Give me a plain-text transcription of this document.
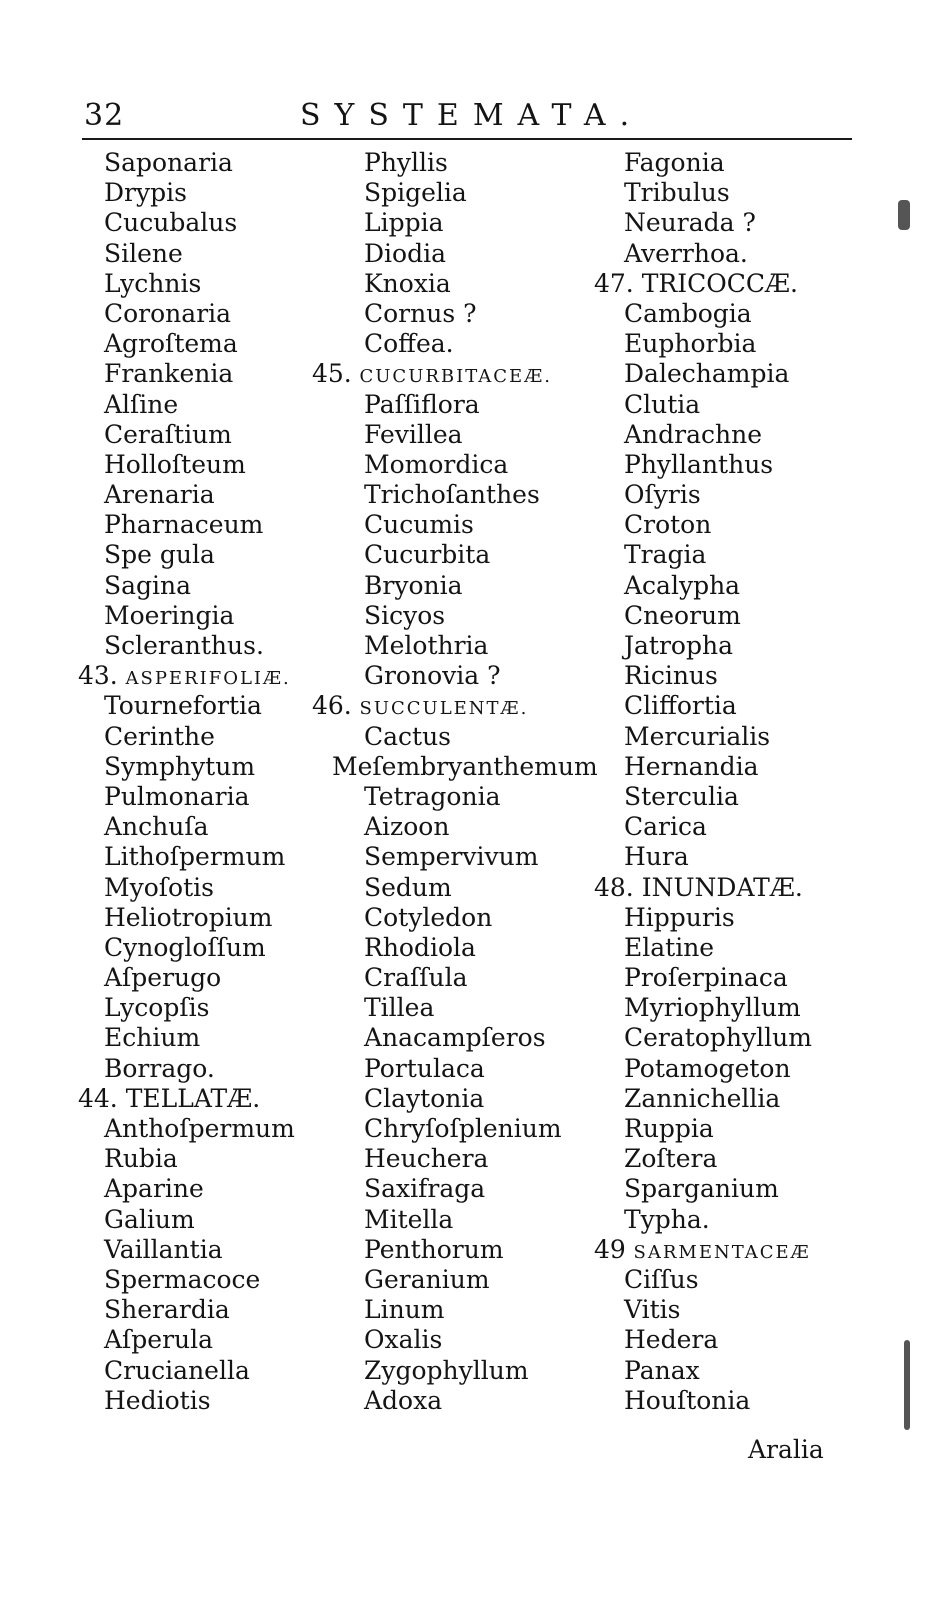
32	SYSTEMATA.
Saponaria
Drypis
Cucubalus
Silene
Lychnis
Coronaria
Agroſtema
Frankenia
Alſine
Ceraſtium
Holloſteum
Arenaria
Pharnaceum
Spe gula
Sagina
Moeringia
Scleranthus.
43. ASPERIFOLIÆ.
Tournefortia
Cerinthe
Symphytum
Pulmonaria
Anchuſa
Lithoſpermum
Myoſotis
Heliotropium
Cynogloſſum
Aſperugo
Lycopſis
Echium
Borrago.
44. TELLATÆ.
Anthoſpermum
Rubia
Aparine
Galium
Vaillantia
Spermacoce
Sherardia
Aſperula
Crucianella
Hediotis
Phyllis
Spigelia
Lippia
Diodia
Knoxia
Cornus ?
Coffea.
45. CUCURBITACEÆ.
Paſſiflora
Fevillea
Momordica
Trichoſanthes
Cucumis
Cucurbita
Bryonia
Sicyos
Melothria
Gronovia ?
46. SUCCULENTÆ.
Cactus
Meſembryanthemum
Tetragonia
Aizoon
Sempervivum
Sedum
Cotyledon
Rhodiola
Craſſula
Tillea
Anacampſeros
Portulaca
Claytonia
Chryſoſplenium
Heuchera
Saxifraga
Mitella
Penthorum
Geranium
Linum
Oxalis
Zygophyllum
Adoxa
Fagonia
Tribulus
Neurada ?
Averrhoa.
47. TRICOCCÆ.
Cambogia
Euphorbia
Dalechampia
Clutia
Andrachne
Phyllanthus
Oſyris
Croton
Tragia
Acalypha
Cneorum
Jatropha
Ricinus
Cliffortia
Mercurialis
Hernandia
Sterculia
Carica
Hura
48. INUNDATÆ.
Hippuris
Elatine
Proſerpinaca
Myriophyllum
Ceratophyllum
Potamogeton
Zannichellia
Ruppia
Zoſtera
Sparganium
Typha.
49 SARMENTACEÆ
Ciſſus
Vitis
Hedera
Panax
Houſtonia
Aralia
